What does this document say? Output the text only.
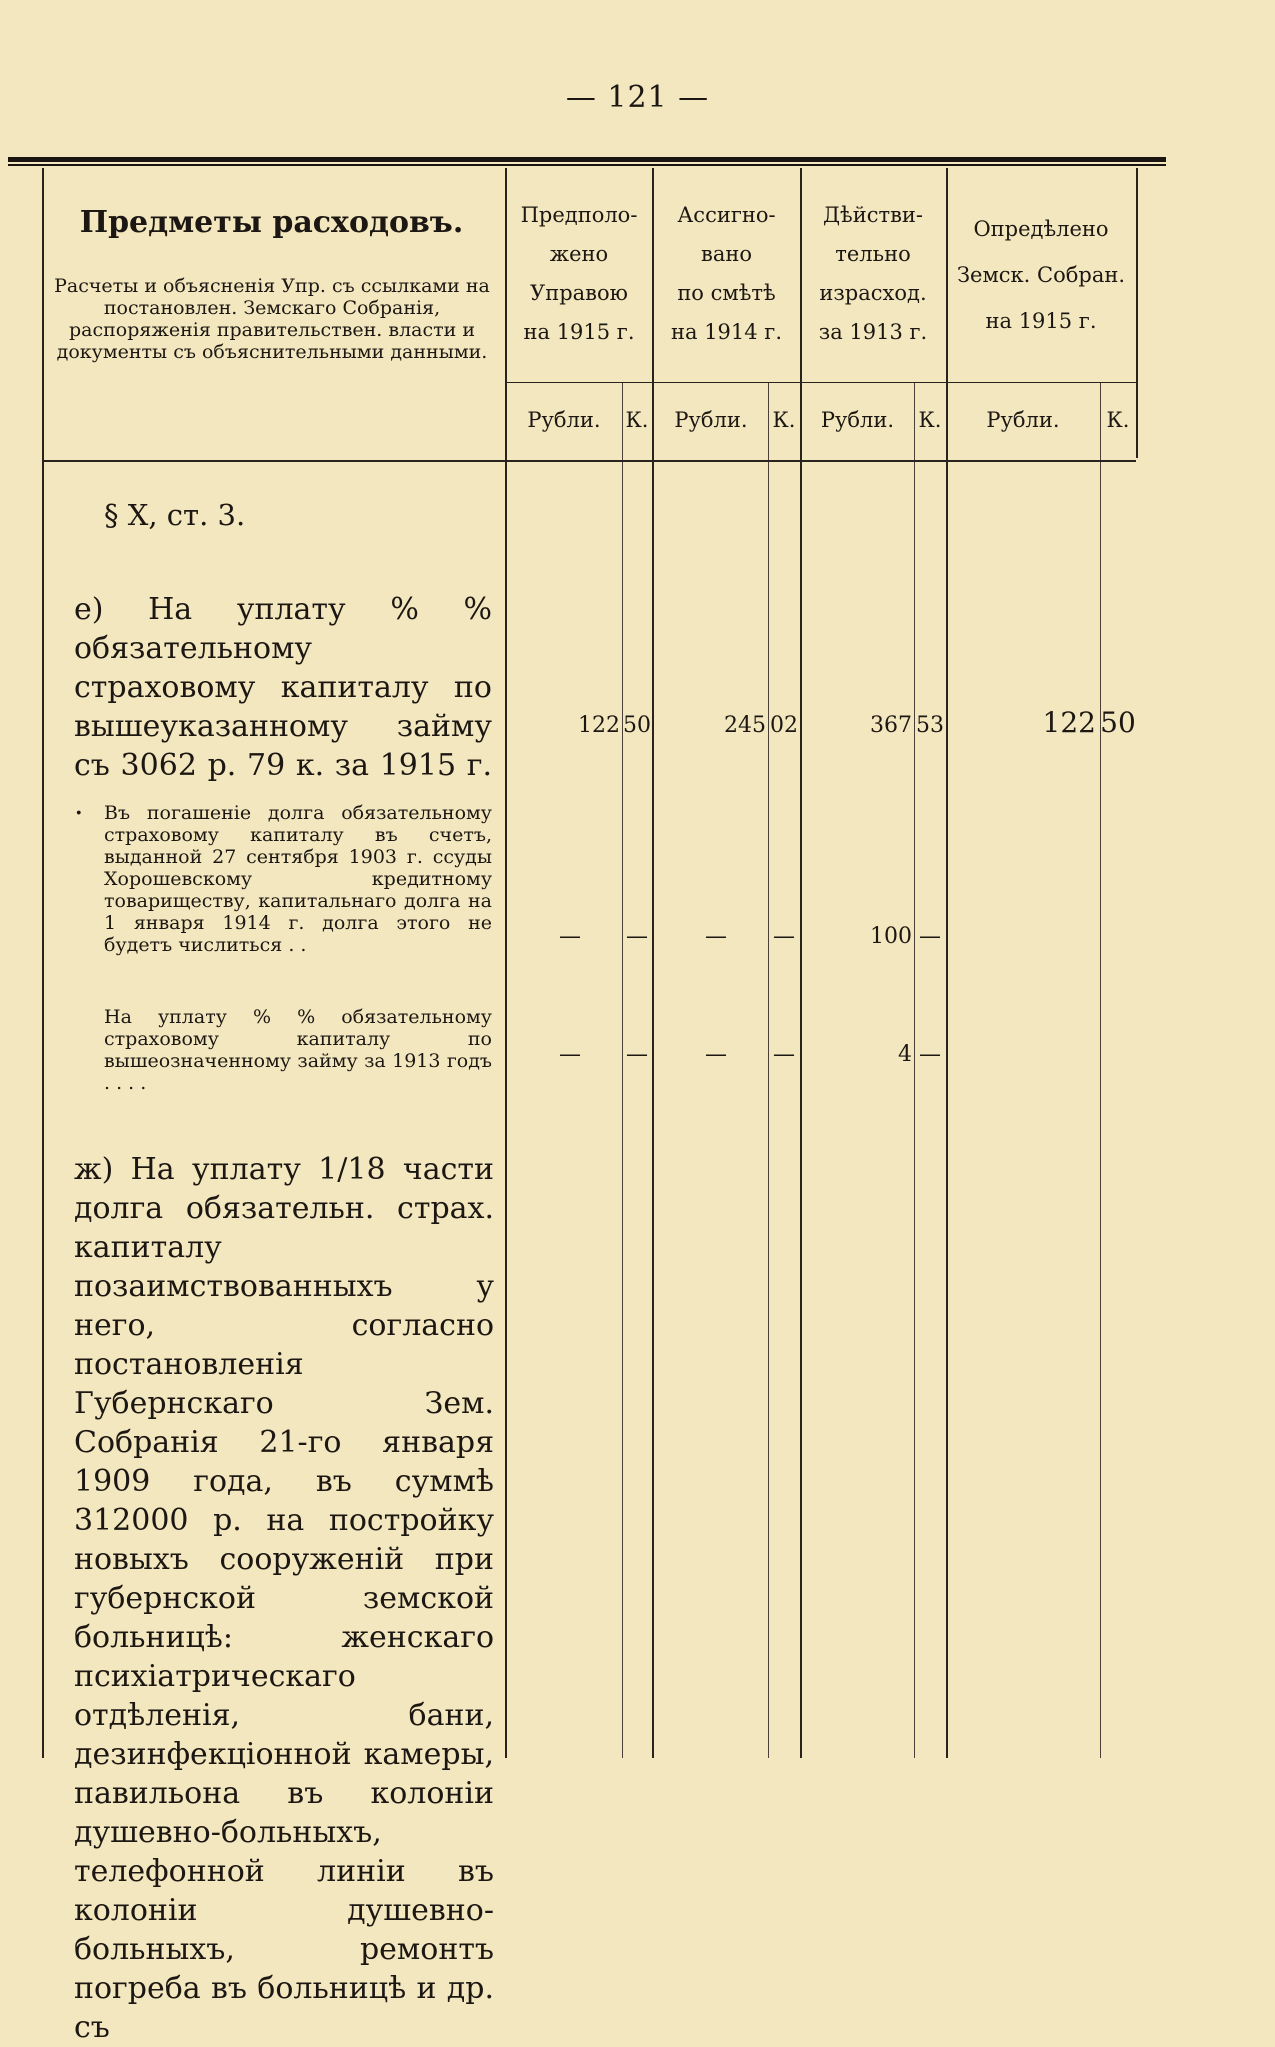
— 121 —
Предметы расходовъ.
Расчеты и объясненія Упр. съ ссылками на постановлен. Земскаго Собранія, распоряженія правительствен. власти и документы съ объяснительными данными.
Предполо-
жено
Управою
на 1915 г.
Ассигно-
вано
по смѣтѣ
на 1914 г.
Дѣйстви-
тельно
израсход.
за 1913 г.
Опредѣлено
Земск. Собран.
на 1915 г.
Рубли.	К.	Рубли.	К.	Рубли.	К.	Рубли.	К.
§ X, ст. 3.
е) На уплату % % обязательному страховому капиталу по вышеуказанному займу съ 3062 р. 79 к. за 1915 г. .
122 50	245 02	367 53	122 50
Въ погашеніе долга обязательному страховому капиталу въ счетъ, выданной 27 сентября 1903 г. ссуды Хорошевскому кредитному товариществу, капитальнаго долга на 1 января 1914 г. долга этого не будетъ числиться . .	—	—	—	—	100 —
На уплату % % обязательному страховому капиталу по вышеозначенному займу за 1913 годъ . . . .
—	—	—	—	4 —
ж) На уплату 1/18 части долга обязательн. страх. капиталу позаимствованныхъ у него, согласно постановленія Губернскаго Зем. Собранія 21-го января 1909 года, въ суммѣ 312000 р. на постройку новыхъ сооруженій при губернской земской больницѣ: женскаго психіатрическаго отдѣленія, бани, дезинфекціонной камеры, павильона въ колоніи душевно-больныхъ, телефонной линіи въ колоніи душевно-больныхъ, ремонтъ погреба въ больницѣ и др. съ
